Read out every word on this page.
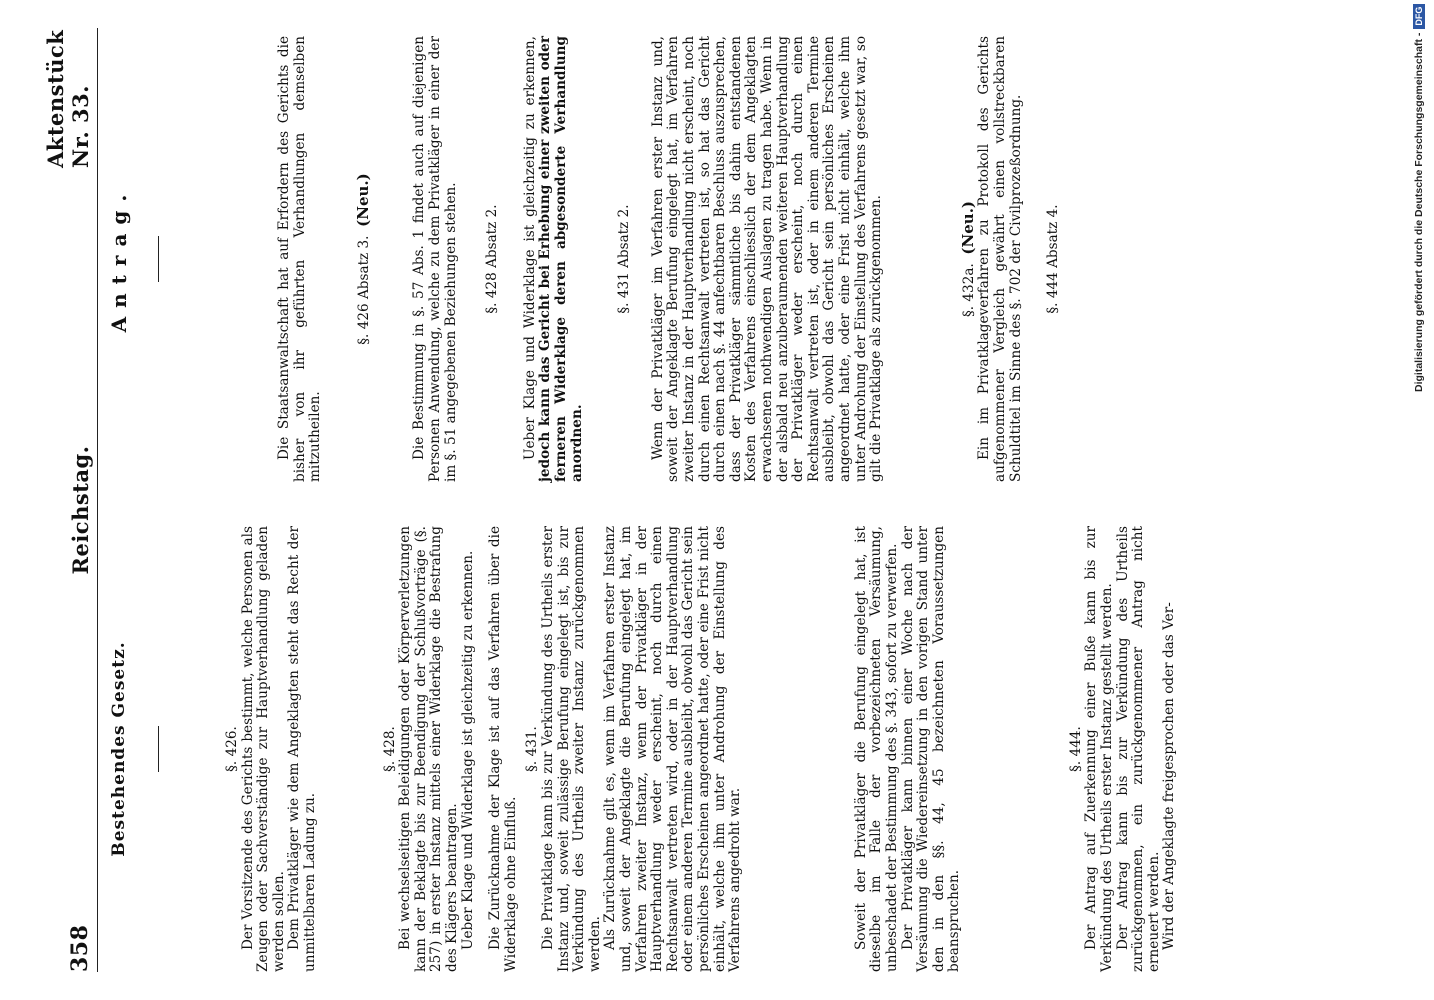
358
Reichstag.
Aktenstück Nr. 33.
Bestehendes Gesetz.	§. 426. Der Vorsitzende des Gerichts bestimmt, welche Personen als Zeugen oder Sachverständige zur Hauptverhandlung geladen werden sollen. Dem Privatkläger wie dem Angeklagten steht das Recht der unmittelbaren Ladung zu.

§. 428. Bei wechselseitigen Beleidigungen oder Körperverletzungen kann der Beklagte bis zur Beendigung der Schlußvorträge (§. 257) in erster Instanz mittels einer Widerklage die Bestrafung des Klägers beantragen. Ueber Klage und Widerklage ist gleichzeitig zu erkennen. Die Zurücknahme der Klage ist auf das Verfahren über die Widerklage ohne Einfluß.

§. 431. Die Privatklage kann bis zur Verkündung des Urtheils erster Instanz und, soweit zulässige Berufung eingelegt ist, bis zur Verkündung des Urtheils zweiter Instanz zurückgenommen werden. Als Zurücknahme gilt es, wenn im Verfahren erster Instanz und, soweit der Angeklagte die Berufung eingelegt hat, im Verfahren zweiter Instanz, wenn der Privatkläger in der Hauptverhandlung weder erscheint, noch durch einen Rechtsanwalt vertreten wird, oder in der Hauptverhandlung oder einem anderen Termine ausbleibt, obwohl das Gericht sein persönliches Erscheinen angeordnet hatte, oder eine Frist nicht einhält, welche ihm unter Androhung der Einstellung des Verfahrens angedroht war.	Soweit der Privatkläger die Berufung eingelegt hat, ist dieselbe im Falle der vorbezeichneten Versäumung, unbeschadet der Bestimmung des §. 343, sofort zu verwerfen. Der Privatkläger kann binnen einer Woche nach der Versäumung die Wiedereinsetzung in den vorigen Stand unter den in den §§. 44, 45 bezeichneten Voraussetzungen beanspruchen.

§. 444. Der Antrag auf Zuerkennung einer Buße kann bis zur Verkündung des Urtheils erster Instanz gestellt werden. Der Antrag kann bis zur Verkündung des Urtheils zurückgenommen, ein zurückgenommener Antrag nicht erneuert werden. Wird der Angeklagte freigesprochen oder das Ver-

Antrag.	Die Staatsanwaltschaft hat auf Erfordern des Gerichts die bisher von ihr geführten Verhandlungen demselben mitzutheilen.

§. 426 Absatz 3.  (Neu.)	Die Bestimmung in §. 57 Abs. 1 findet auch auf diejenigen Personen Anwendung, welche zu dem Privatkläger in einer der im §. 51 angegebenen Beziehungen stehen. §. 428 Absatz 2. Ueber Klage und Widerklage ist gleichzeitig zu erkennen, jedoch kann das Gericht bei Erhebung einer zweiten oder ferneren Widerklage deren abgesonderte Verhandlung anordnen.

§. 431 Absatz 2. Wenn der Privatkläger im Verfahren erster Instanz und, soweit der Angeklagte Berufung eingelegt hat, im Verfahren zweiter Instanz in der Hauptverhandlung nicht erscheint, noch durch einen Rechtsanwalt vertreten ist, so hat das Gericht durch einen nach §. 44 anfechtbaren Beschluss auszusprechen, dass der Privatkläger sämmtliche bis dahin entstandenen Kosten des Verfahrens einschliesslich der dem Angeklagten erwachsenen nothwendigen Auslagen zu tragen habe. Wenn in der alsbald neu anzuberaumenden weiteren Hauptverhandlung der Privatkläger weder erscheint, noch durch einen Rechtsanwalt vertreten ist, oder in einem anderen Termine ausbleibt, obwohl das Gericht sein persönliches Erscheinen angeordnet hatte, oder eine Frist nicht einhält, welche ihm unter Androhung der Einstellung des Verfahrens gesetzt war, so gilt die Privatklage als zurückgenommen.	§. 432a.  (Neu.) Ein im Privatklageverfahren zu Protokoll des Gerichts aufgenommener Vergleich gewährt einen vollstreckbaren Schuldtitel im Sinne des §. 702 der Civilprozeßordnung. §. 444 Absatz 4.	Digitalisierung gefördert durch die Deutsche Forschungsgemeinschaft -
DFG
